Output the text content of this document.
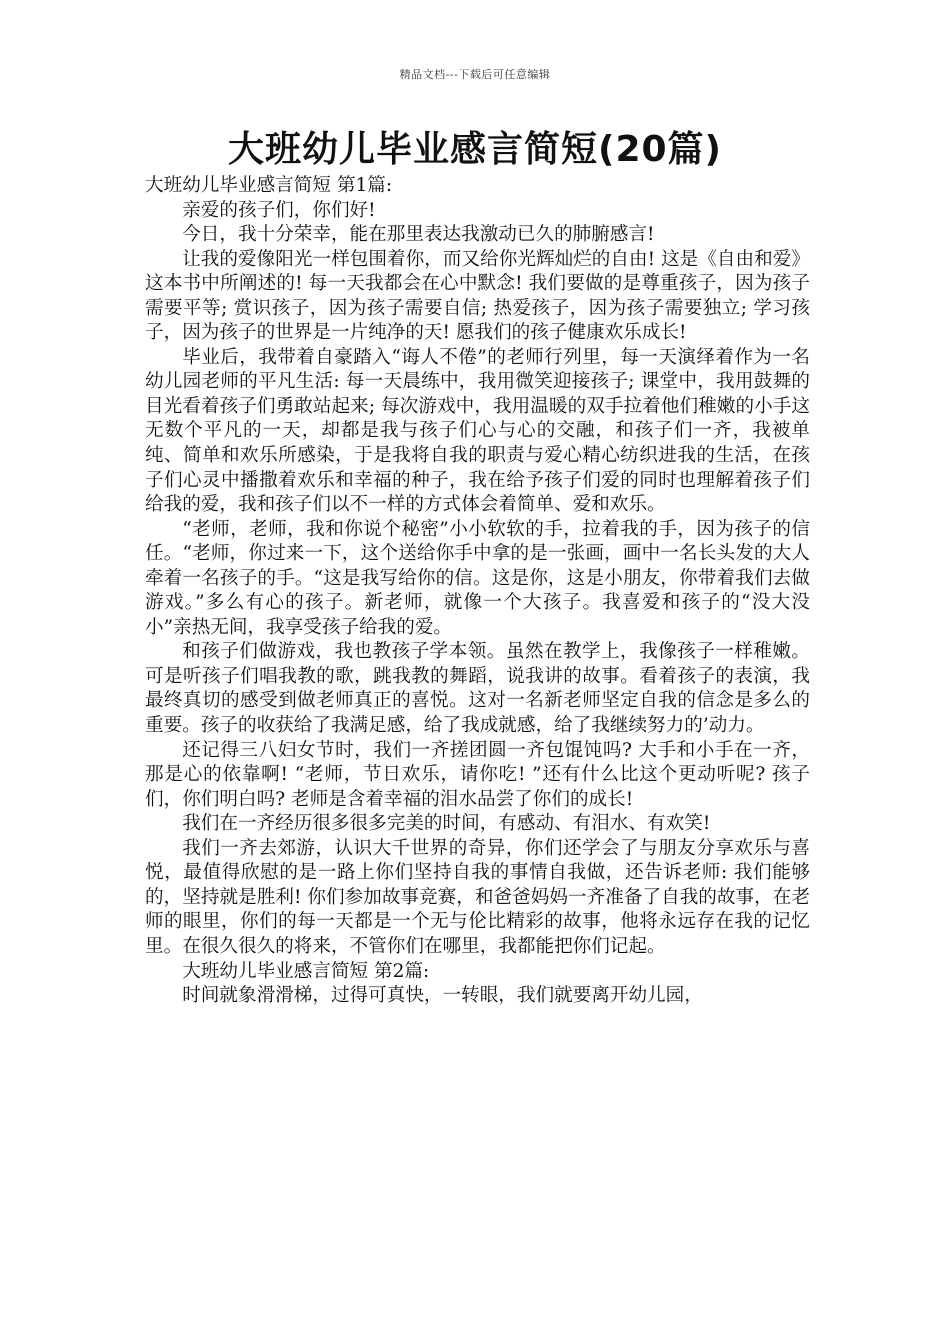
精品文档---下载后可任意编辑
大班幼儿毕业感言简短(20篇)

大班幼儿毕业感言简短 第1篇:

亲爱的孩子们，你们好!

今日，我十分荣幸，能在那里表达我激动已久的肺腑感言!

让我的爱像阳光一样包围着你，而又给你光辉灿烂的自由! 这是《自由和爱》这本书中所阐述的! 每一天我都会在心中默念! 我们要做的是尊重孩子，因为孩子需要平等; 赏识孩子，因为孩子需要自信; 热爱孩子，因为孩子需要独立; 学习孩子，因为孩子的世界是一片纯净的天! 愿我们的孩子健康欢乐成长!

毕业后，我带着自豪踏入“诲人不倦”的老师行列里，每一天演绎着作为一名幼儿园老师的平凡生活: 每一天晨练中，我用微笑迎接孩子; 课堂中，我用鼓舞的目光看着孩子们勇敢站起来; 每次游戏中，我用温暖的双手拉着他们稚嫩的小手这无数个平凡的一天，却都是我与孩子们心与心的交融，和孩子们一齐，我被单纯、简单和欢乐所感染，于是我将自我的职责与爱心精心纺织进我的生活，在孩子们心灵中播撒着欢乐和幸福的种子，我在给予孩子们爱的同时也理解着孩子们给我的爱，我和孩子们以不一样的方式体会着简单、爱和欢乐。

“老师，老师，我和你说个秘密”小小软软的手，拉着我的手，因为孩子的信任。“老师，你过来一下，这个送给你手中拿的是一张画，画中一名长头发的大人牵着一名孩子的手。“这是我写给你的信。这是你，这是小朋友，你带着我们去做游戏。”多么有心的孩子。新老师，就像一个大孩子。我喜爱和孩子的“没大没小”亲热无间，我享受孩子给我的爱。

和孩子们做游戏，我也教孩子学本领。虽然在教学上，我像孩子一样稚嫩。可是听孩子们唱我教的歌，跳我教的舞蹈，说我讲的故事。看着孩子的表演，我最终真切的感受到做老师真正的喜悦。这对一名新老师坚定自我的信念是多么的重要。孩子的收获给了我满足感，给了我成就感，给了我继续努力的’动力。

还记得三八妇女节时，我们一齐搓团圆一齐包馄饨吗? 大手和小手在一齐，那是心的依靠啊! “老师，节日欢乐，请你吃! ”还有什么比这个更动听呢? 孩子们，你们明白吗? 老师是含着幸福的泪水品尝了你们的成长!

我们在一齐经历很多很多完美的时间，有感动、有泪水、有欢笑!

我们一齐去郊游，认识大千世界的奇异，你们还学会了与朋友分享欢乐与喜悦，最值得欣慰的是一路上你们坚持自我的事情自我做，还告诉老师: 我们能够的，坚持就是胜利! 你们参加故事竞赛，和爸爸妈妈一齐准备了自我的故事，在老师的眼里，你们的每一天都是一个无与伦比精彩的故事，他将永远存在我的记忆里。在很久很久的将来，不管你们在哪里，我都能把你们记起。

大班幼儿毕业感言简短 第2篇:

时间就象滑滑梯，过得可真快，一转眼，我们就要离开幼儿园，
